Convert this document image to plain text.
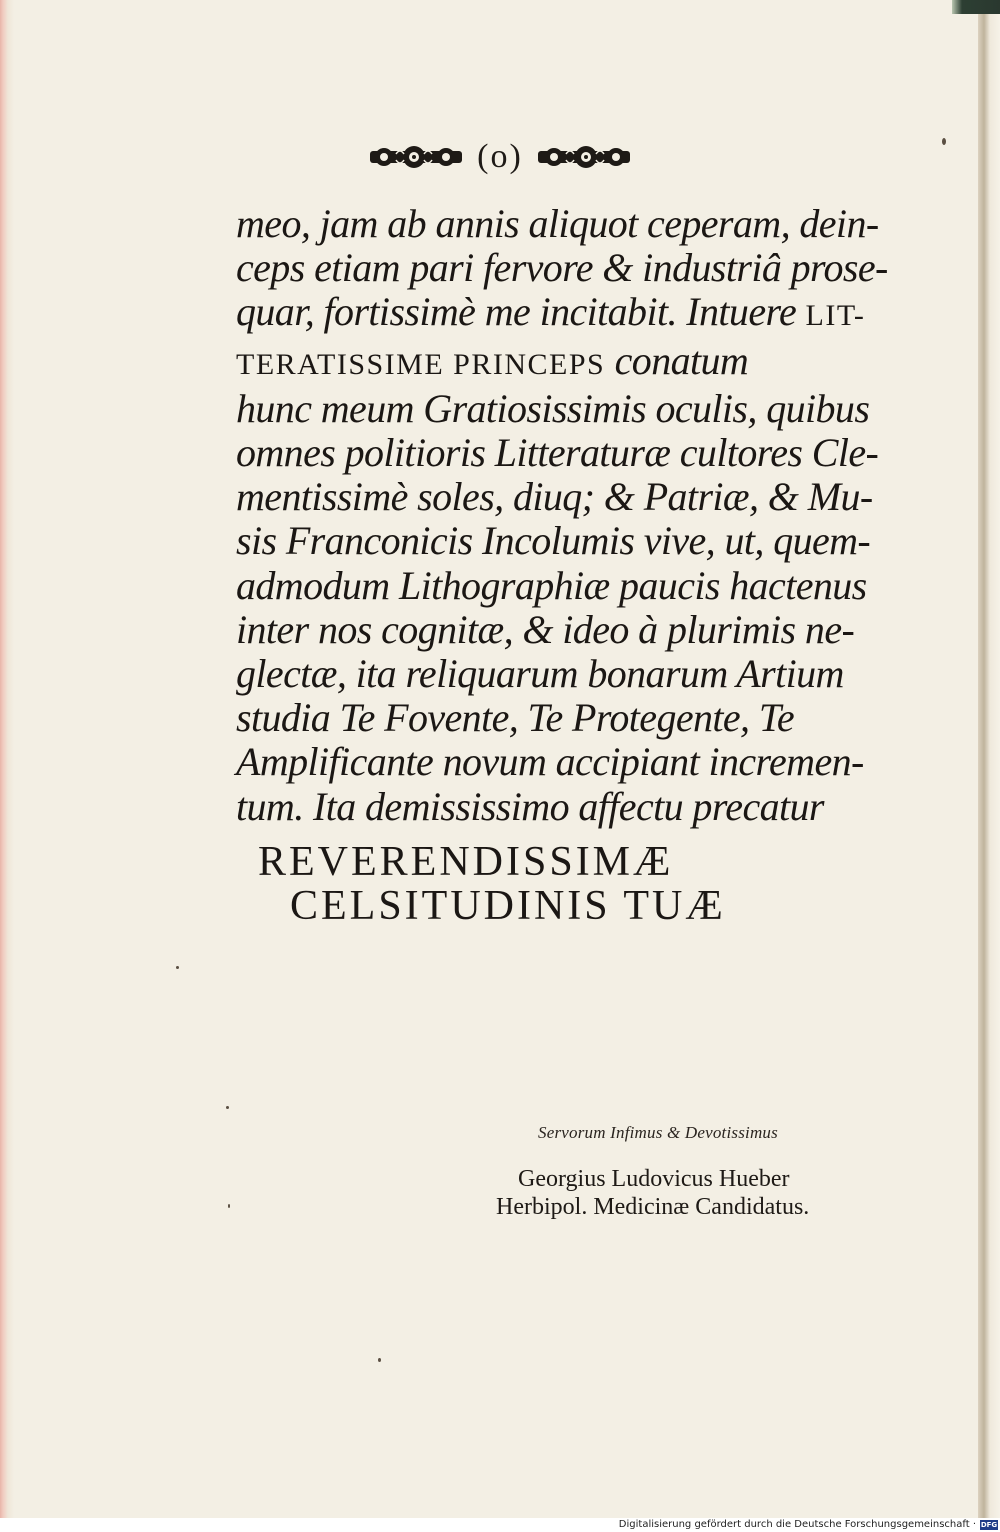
(o)
meo, jam ab annis aliquot ceperam, dein-
ceps etiam pari fervore & industriâ prose-
quar, fortissimè me incitabit. Intuere LIT-
TERATISSIME PRINCEPS conatum
hunc meum Gratiosissimis oculis, quibus
omnes politioris Litteraturæ cultores Cle-
mentissimè soles, diuq; & Patriæ, & Mu-
sis Franconicis Incolumis vive, ut, quem-
admodum Lithographiæ paucis hactenus
inter nos cognitæ, & ideo à plurimis ne-
glectæ, ita reliquarum bonarum Artium
studia Te Fovente, Te Protegente, Te
Amplificante novum accipiant incremen-
tum. Ita demississimo affectu precatur
REVERENDISSIMÆ
CELSITUDINIS TUÆ
Servorum Infimus & Devotissimus
Georgius Ludovicus Hueber
Herbipol. Medicinæ Candidatus.
Digitalisierung gefördert durch die Deutsche Forschungsgemeinschaft · DFG
